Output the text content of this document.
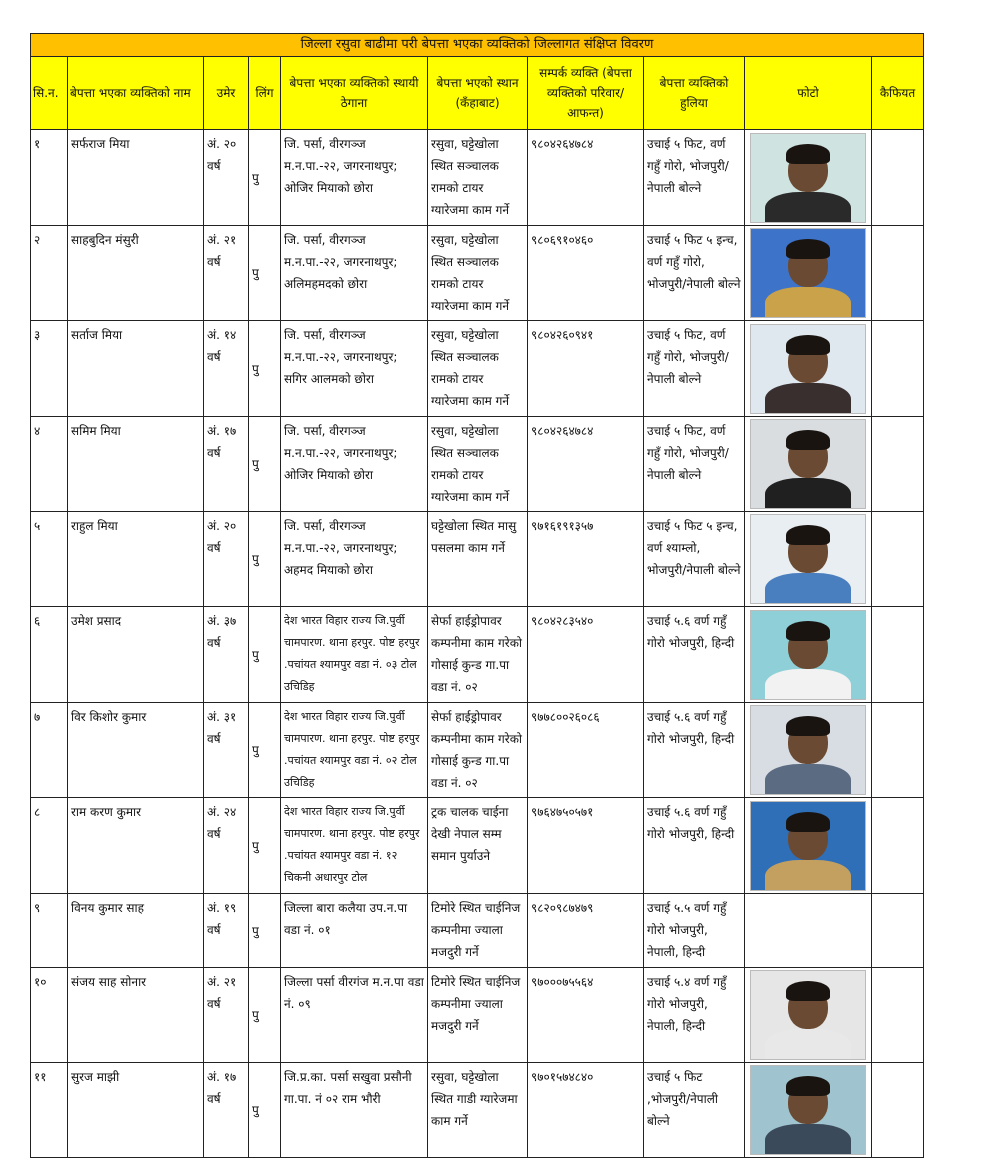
जिल्ला रसुवा बाढीमा परी बेपत्ता भएका व्यक्तिको जिल्लागत संक्षिप्त विवरण									
सि.न.	बेपत्ता भएका व्यक्तिको नाम	उमेर	लिंग	बेपत्ता भएका व्यक्तिको स्थायी ठेगाना	बेपत्ता भएको स्थान (कँहाबाट)	सम्पर्क व्यक्ति (बेपत्ता व्यक्तिको परिवार/आफन्त)	बेपत्ता व्यक्तिको हुलिया	फोटो	कैफियत
१	सर्फराज मिया	अं. २० वर्ष	पु	जि. पर्सा, वीरगञ्ज म.न.पा.-२२, जगरनाथपुर; ओजिर मियाको छोरा	रसुवा, घट्टेखोला स्थित सञ्चालक रामको टायर ग्यारेजमा काम गर्ने	९८०४२६४७८४	उचाई ५ फिट, वर्ण गहुँ गोरो, भोजपुरी/नेपाली बोल्ने	

२	साहबुदिन मंसुरी	अं. २१ वर्ष	पु	जि. पर्सा, वीरगञ्ज म.न.पा.-२२, जगरनाथपुर; अलिमहमदको छोरा	रसुवा, घट्टेखोला स्थित सञ्चालक रामको टायर ग्यारेजमा काम गर्ने	९८०६९१०४६०	उचाई ५ फिट ५ इन्च, वर्ण गहुँ गोरो, भोजपुरी/नेपाली बोल्ने	

३	सर्ताज मिया	अं. १४ वर्ष	पु	जि. पर्सा, वीरगञ्ज म.न.पा.-२२, जगरनाथपुर; सगिर आलमको छोरा	रसुवा, घट्टेखोला स्थित सञ्चालक रामको टायर ग्यारेजमा काम गर्ने	९८०४२६०९४१	उचाई ५ फिट, वर्ण गहुँ गोरो, भोजपुरी/नेपाली बोल्ने	

४	समिम मिया	अं. १७ वर्ष	पु	जि. पर्सा, वीरगञ्ज म.न.पा.-२२, जगरनाथपुर; ओजिर मियाको छोरा	रसुवा, घट्टेखोला स्थित सञ्चालक रामको टायर ग्यारेजमा काम गर्ने	९८०४२६४७८४	उचाई ५ फिट, वर्ण गहुँ गोरो, भोजपुरी/नेपाली बोल्ने	

५	राहुल मिया	अं. २० वर्ष	पु	जि. पर्सा, वीरगञ्ज म.न.पा.-२२, जगरनाथपुर; अहमद मियाको छोरा	घट्टेखोला स्थित मासु पसलमा काम गर्ने	९७१६१९१३५७	उचाई ५ फिट ५ इन्च, वर्ण श्याम्लो, भोजपुरी/नेपाली बोल्ने	

६	उमेश प्रसाद	अं. ३७ वर्ष	पु	देश भारत विहार राज्य जि.पुर्वी चामपारण. थाना हरपुर. पोष्ट हरपुर .पचांयत श्यामपुर वडा नं. ०३ टोल उचिडिह	सेर्फा हाईड्रोपावर कम्पनीमा काम गरेको गोसाई कुन्ड गा.पा वडा नं. ०२	९८०४२८३५४०	उचाई ५.६ वर्ण गहुँ गोरो भोजपुरी, हिन्दी	

७	विर किशोर कुमार	अं. ३१ वर्ष	पु	देश भारत विहार राज्य जि.पुर्वी चामपारण. थाना हरपुर. पोष्ट हरपुर .पचांयत श्यामपुर वडा नं. ०२ टोल उचिडिह	सेर्फा हाईड्रोपावर कम्पनीमा काम गरेको गोसाई कुन्ड गा.पा वडा नं. ०२	९७७८००२६०८६	उचाई ५.६ वर्ण गहुँ गोरो भोजपुरी, हिन्दी	

८	राम करण कुमार	अं. २४ वर्ष	पु	देश भारत विहार राज्य जि.पुर्वी चामपारण. थाना हरपुर. पोष्ट हरपुर .पचांयत श्यामपुर वडा नं. १२ चिकनी अधारपुर टोल	ट्रक चालक चाईना देखी नेपाल सम्म समान पुर्याउने	९७६४७५०५७१	उचाई ५.६ वर्ण गहुँ गोरो भोजपुरी, हिन्दी	

९	विनय कुमार साह	अं. १९ वर्ष	पु	जिल्ला बारा कलैया उप.न.पा वडा नं. ०१	टिमोरे स्थित चाईनिज कम्पनीमा ज्याला मजदुरी गर्ने	९८२०९८७४७९	उचाई ५.५ वर्ण गहुँ गोरो भोजपुरी, नेपाली, हिन्दी		
१०	संजय साह सोनार	अं. २१ वर्ष	पु	जिल्ला पर्सा वीरगंज म.न.पा वडा नं. ०९	टिमोरे स्थित चाईनिज कम्पनीमा ज्याला मजदुरी गर्ने	९७०००७५५६४	उचाई ५.४ वर्ण गहुँ गोरो भोजपुरी, नेपाली, हिन्दी	

११	सुरज माझी	अं. १७ वर्ष	पु	जि.प्र.का. पर्सा सखुवा प्रसौनी गा.पा. नं ०२ राम भौरी	रसुवा, घट्टेखोला स्थित गाडी ग्यारेजमा काम गर्ने	९७०१५७४८४०	उचाई ५ फिट ,भोजपुरी/नेपाली बोल्ने	
